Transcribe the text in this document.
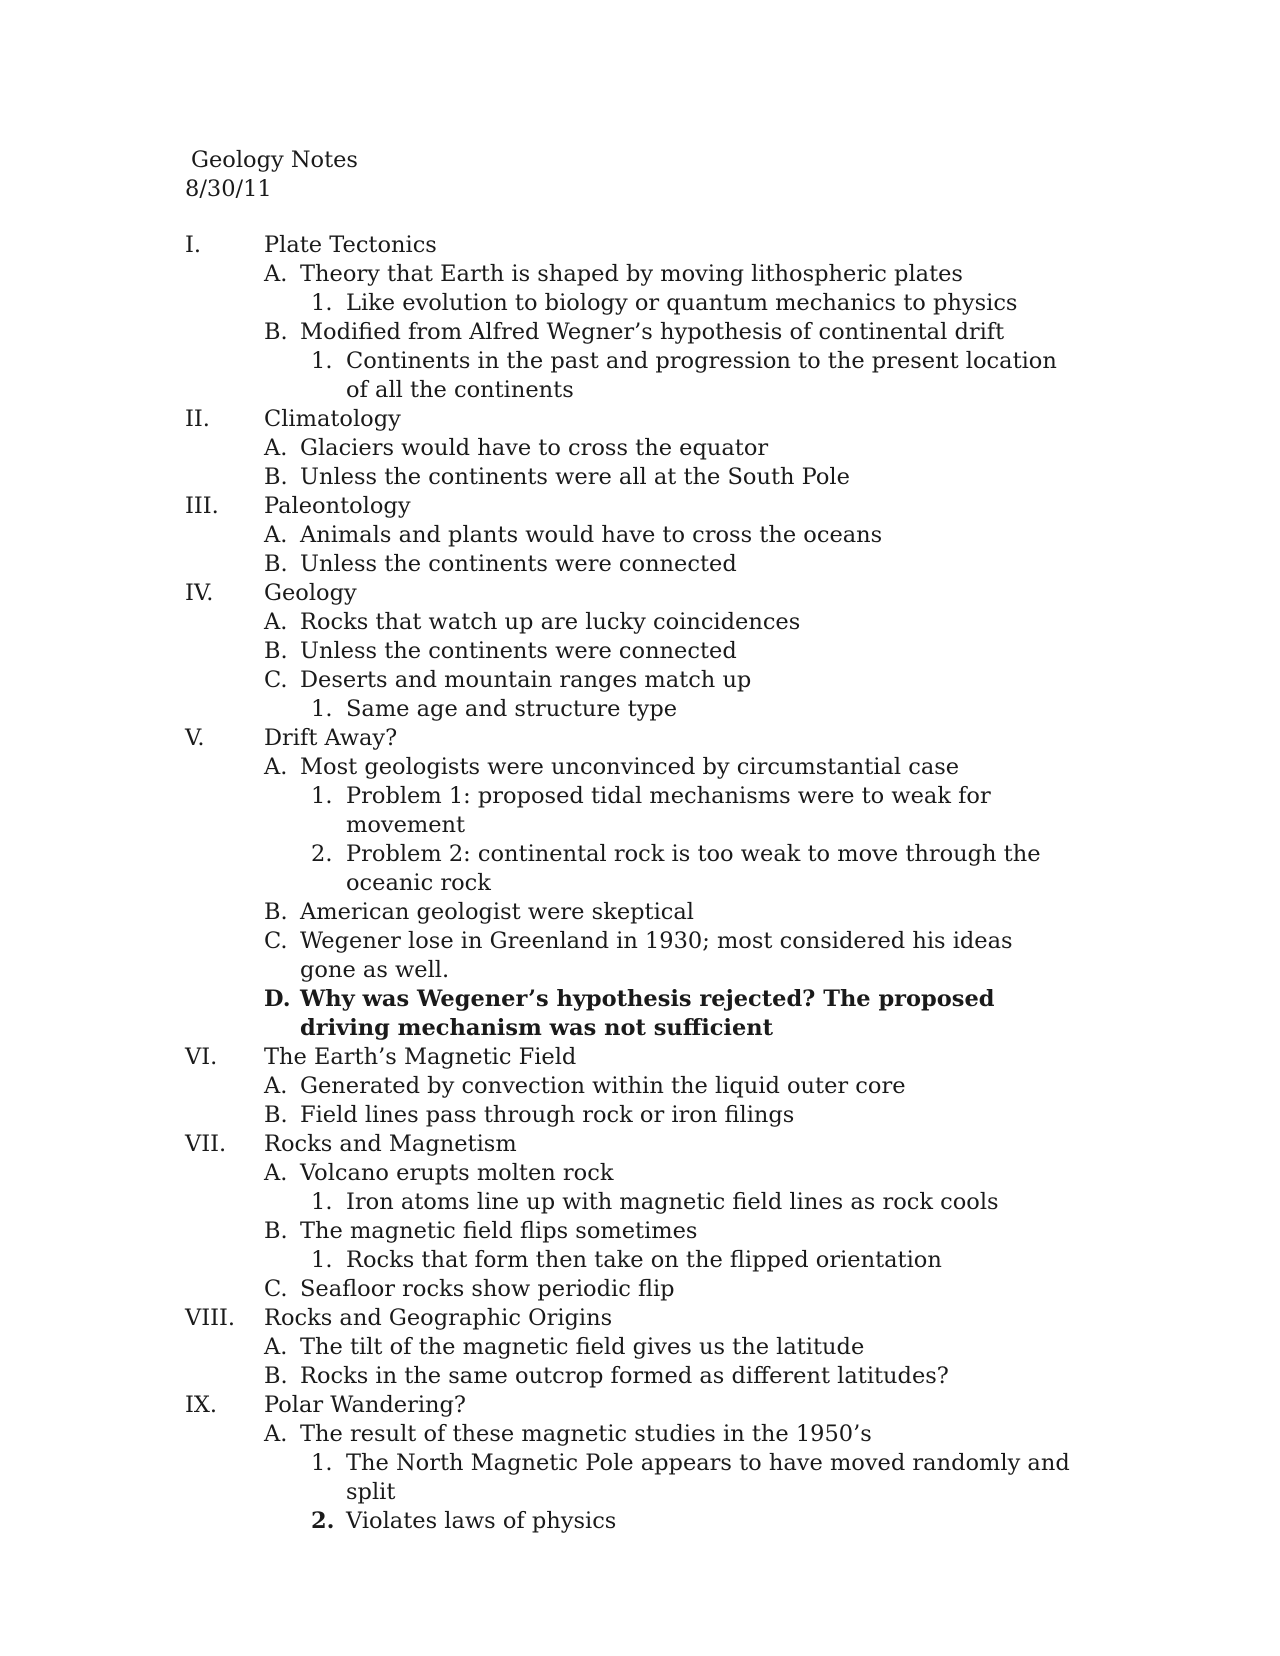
Geology Notes
8/30/11
I.	Plate Tectonics
A. Theory that Earth is shaped by moving lithospheric plates
1. Like evolution to biology or quantum mechanics to physics
B. Modified from Alfred Wegner’s hypothesis of continental drift
1. Continents in the past and progression to the present location of all the continents
II. Climatology
A. Glaciers would have to cross the equator
B. Unless the continents were all at the South Pole
III. Paleontology
A. Animals and plants would have to cross the oceans
B. Unless the continents were connected
IV. Geology
A. Rocks that watch up are lucky coincidences
B. Unless the continents were connected
C. Deserts and mountain ranges match up
1. Same age and structure type
V.	Drift Away?
A. Most geologists were unconvinced by circumstantial case
1. Problem 1: proposed tidal mechanisms were to weak for movement
2. Problem 2: continental rock is too weak to move through the oceanic rock
B. American geologist were skeptical
C. Wegener lose in Greenland in 1930; most considered his ideas gone as well.
D. Why was Wegener’s hypothesis rejected? The proposed driving mechanism was not sufficient
VI. The Earth’s Magnetic Field
A. Generated by convection within the liquid outer core
B. Field lines pass through rock or iron filings
VII. Rocks and Magnetism
A. Volcano erupts molten rock
1. Iron atoms line up with magnetic field lines as rock cools
B. The magnetic field flips sometimes
1. Rocks that form then take on the flipped orientation
C. Seafloor rocks show periodic flip
VIII. Rocks and Geographic Origins
A. The tilt of the magnetic field gives us the latitude
B. Rocks in the same outcrop formed as different latitudes?
IX. Polar Wandering?
A. The result of these magnetic studies in the 1950’s
1. The North Magnetic Pole appears to have moved randomly and split
2. Violates laws of physics
